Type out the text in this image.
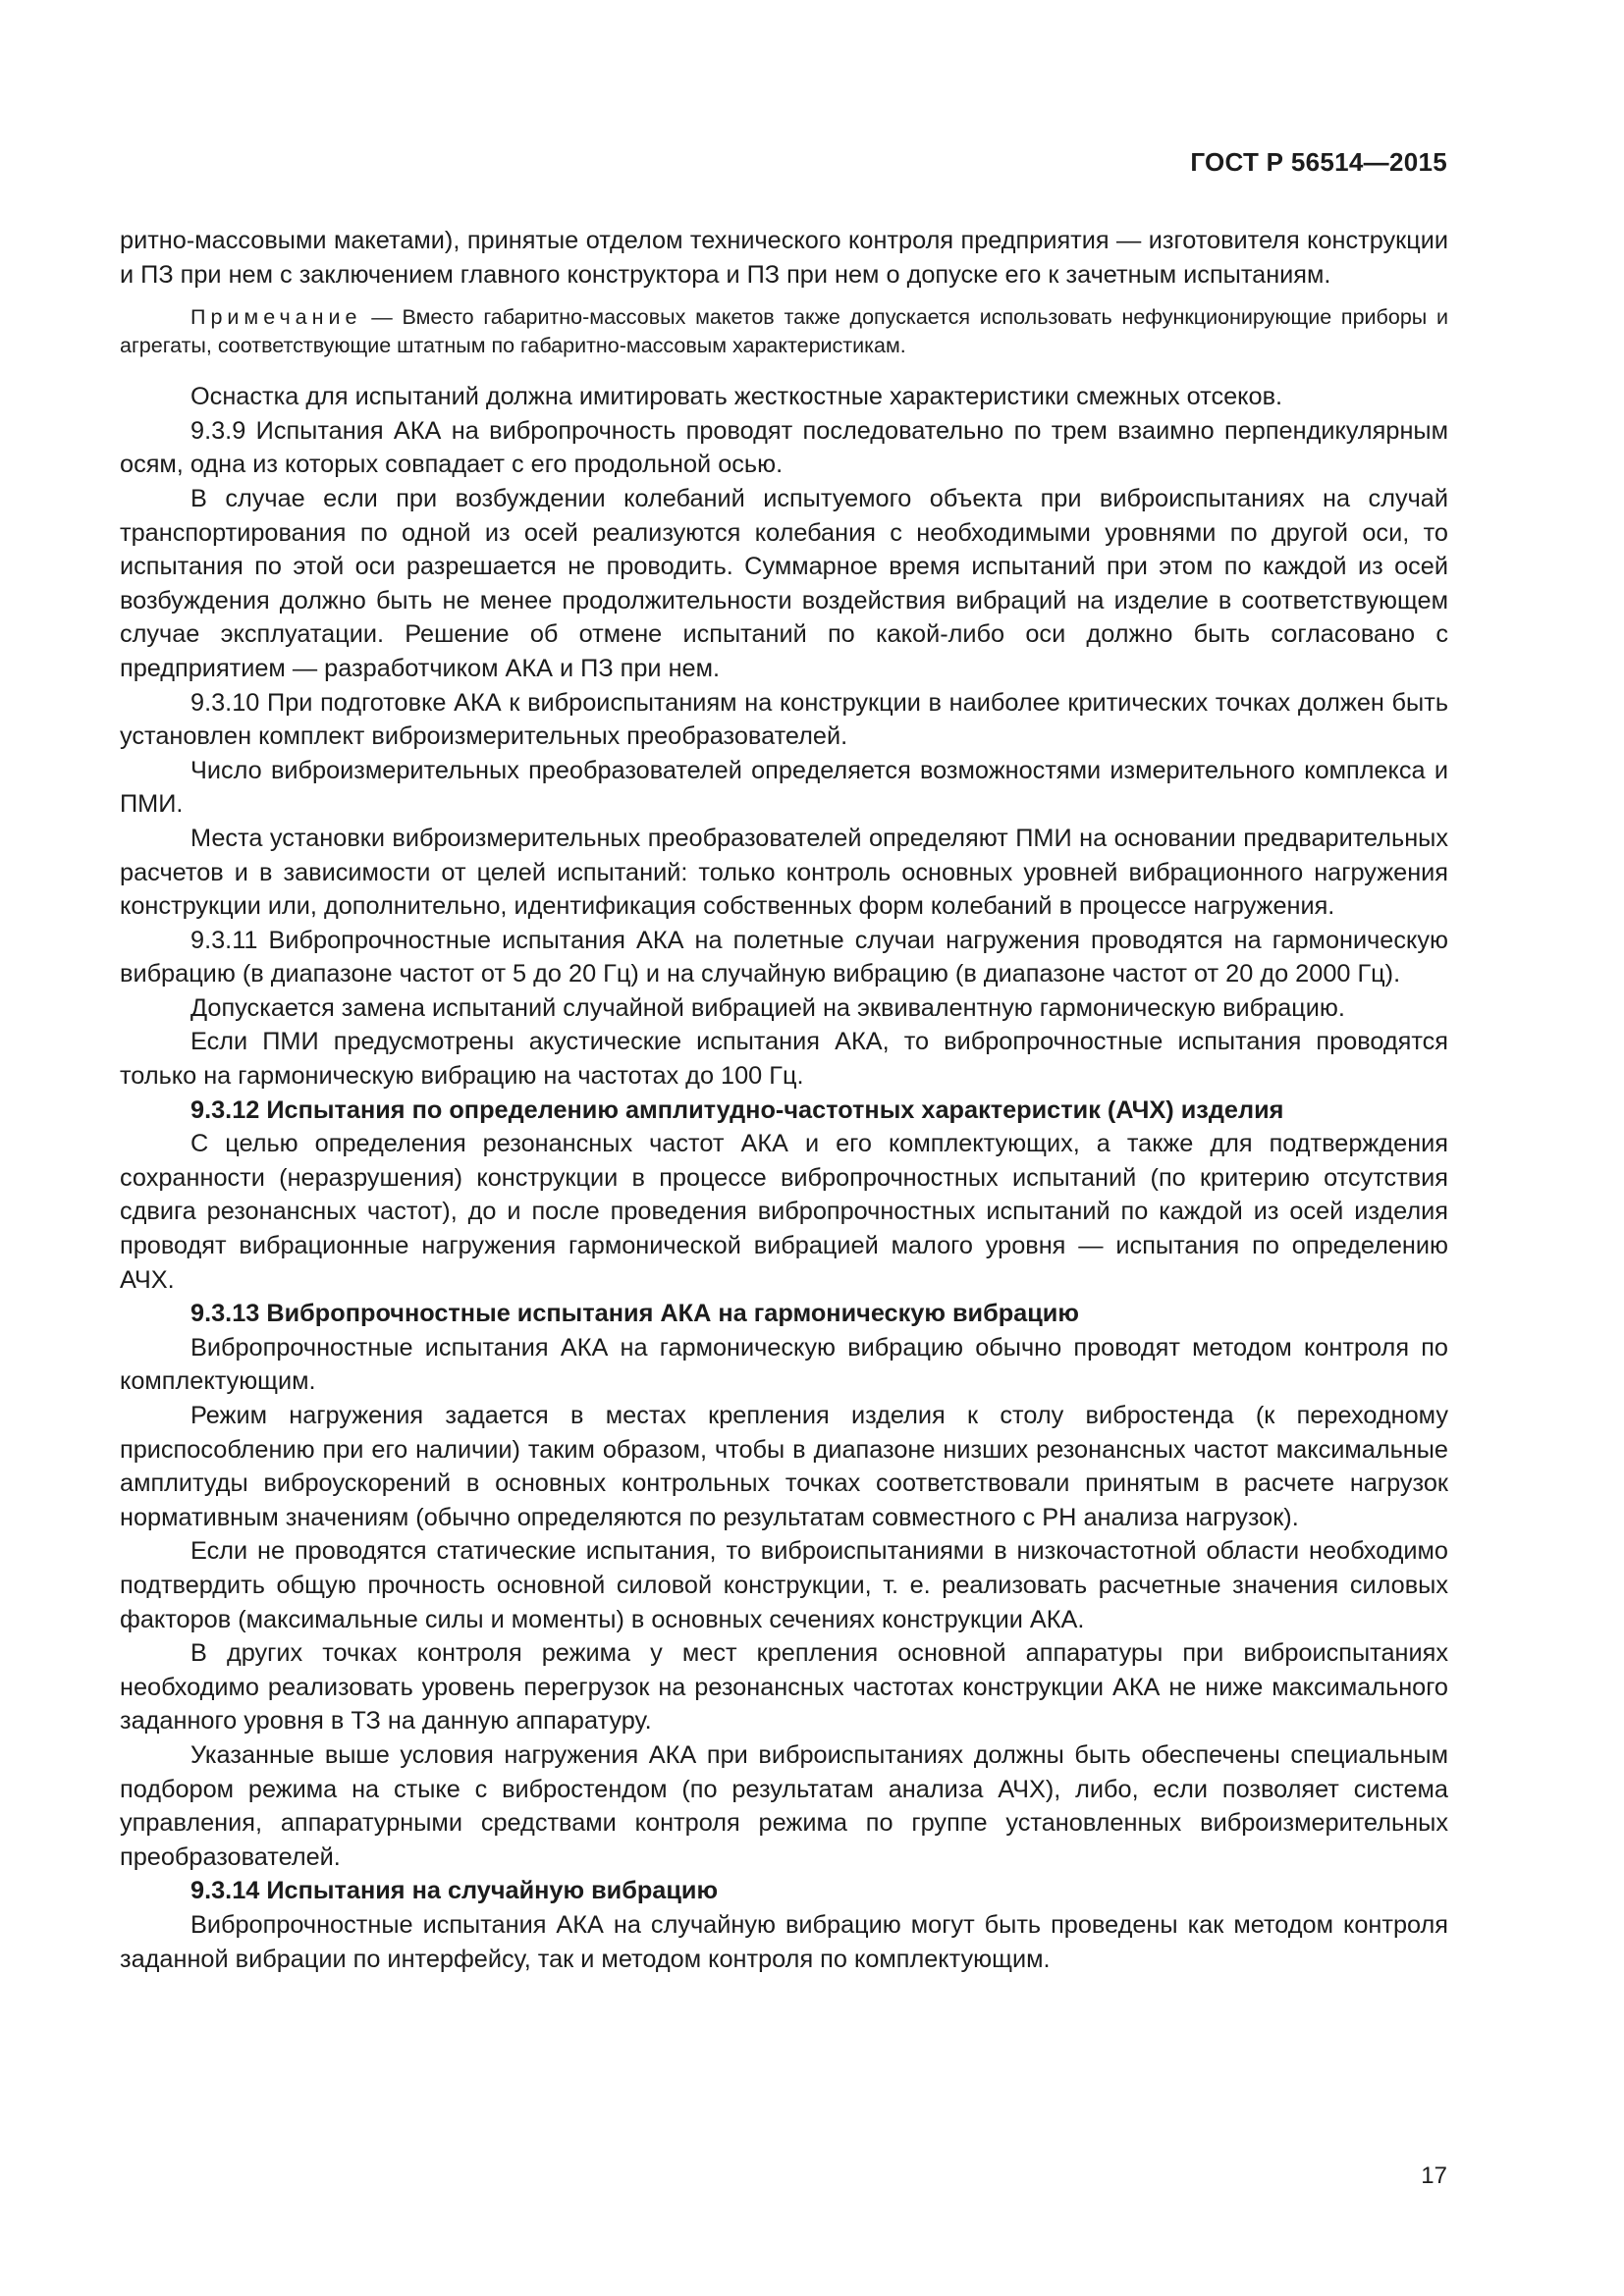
ГОСТ Р 56514—2015

ритно-массовыми макетами), принятые отделом технического контроля предприятия — изготовителя конструкции и ПЗ при нем с заключением главного конструктора и ПЗ при нем о допуске его к зачетным испытаниям.

Примечание — Вместо габаритно-массовых макетов также допускается использовать нефункционирующие приборы и агрегаты, соответствующие штатным по габаритно-массовым характеристикам.

Оснастка для испытаний должна имитировать жесткостные характеристики смежных отсеков.

9.3.9 Испытания АКА на вибропрочность проводят последовательно по трем взаимно перпендикулярным осям, одна из которых совпадает с его продольной осью.

В случае если при возбуждении колебаний испытуемого объекта при виброиспытаниях на случай транспортирования по одной из осей реализуются колебания с необходимыми уровнями по другой оси, то испытания по этой оси разрешается не проводить. Суммарное время испытаний при этом по каждой из осей возбуждения должно быть не менее продолжительности воздействия вибраций на изделие в соответствующем случае эксплуатации. Решение об отмене испытаний по какой-либо оси должно быть согласовано с предприятием — разработчиком АКА и ПЗ при нем.

9.3.10 При подготовке АКА к виброиспытаниям на конструкции в наиболее критических точках должен быть установлен комплект виброизмерительных преобразователей.

Число виброизмерительных преобразователей определяется возможностями измерительного комплекса и ПМИ.

Места установки виброизмерительных преобразователей определяют ПМИ на основании предварительных расчетов и в зависимости от целей испытаний: только контроль основных уровней вибрационного нагружения конструкции или, дополнительно, идентификация собственных форм колебаний в процессе нагружения.

9.3.11 Вибропрочностные испытания АКА на полетные случаи нагружения проводятся на гармоническую вибрацию (в диапазоне частот от 5 до 20 Гц) и на случайную вибрацию (в диапазоне частот от 20 до 2000 Гц).

Допускается замена испытаний случайной вибрацией на эквивалентную гармоническую вибрацию.

Если ПМИ предусмотрены акустические испытания АКА, то вибропрочностные испытания проводятся только на гармоническую вибрацию на частотах до 100 Гц.

9.3.12 Испытания по определению амплитудно-частотных характеристик (АЧХ) изделия

С целью определения резонансных частот АКА и его комплектующих, а также для подтверждения сохранности (неразрушения) конструкции в процессе вибропрочностных испытаний (по критерию отсутствия сдвига резонансных частот), до и после проведения вибропрочностных испытаний по каждой из осей изделия проводят вибрационные нагружения гармонической вибрацией малого уровня — испытания по определению АЧХ.

9.3.13 Вибропрочностные испытания АКА на гармоническую вибрацию

Вибропрочностные испытания АКА на гармоническую вибрацию обычно проводят методом контроля по комплектующим.

Режим нагружения задается в местах крепления изделия к столу вибростенда (к переходному приспособлению при его наличии) таким образом, чтобы в диапазоне низших резонансных частот максимальные амплитуды виброускорений в основных контрольных точках соответствовали принятым в расчете нагрузок нормативным значениям (обычно определяются по результатам совместного с РН анализа нагрузок).

Если не проводятся статические испытания, то виброиспытаниями в низкочастотной области необходимо подтвердить общую прочность основной силовой конструкции, т. е. реализовать расчетные значения силовых факторов (максимальные силы и моменты) в основных сечениях конструкции АКА.

В других точках контроля режима у мест крепления основной аппаратуры при виброиспытаниях необходимо реализовать уровень перегрузок на резонансных частотах конструкции АКА не ниже максимального заданного уровня в ТЗ на данную аппаратуру.

Указанные выше условия нагружения АКА при виброиспытаниях должны быть обеспечены специальным подбором режима на стыке с вибростендом (по результатам анализа АЧХ), либо, если позволяет система управления, аппаратурными средствами контроля режима по группе установленных виброизмерительных преобразователей.

9.3.14 Испытания на случайную вибрацию

Вибропрочностные испытания АКА на случайную вибрацию могут быть проведены как методом контроля заданной вибрации по интерфейсу, так и методом контроля по комплектующим.

17
